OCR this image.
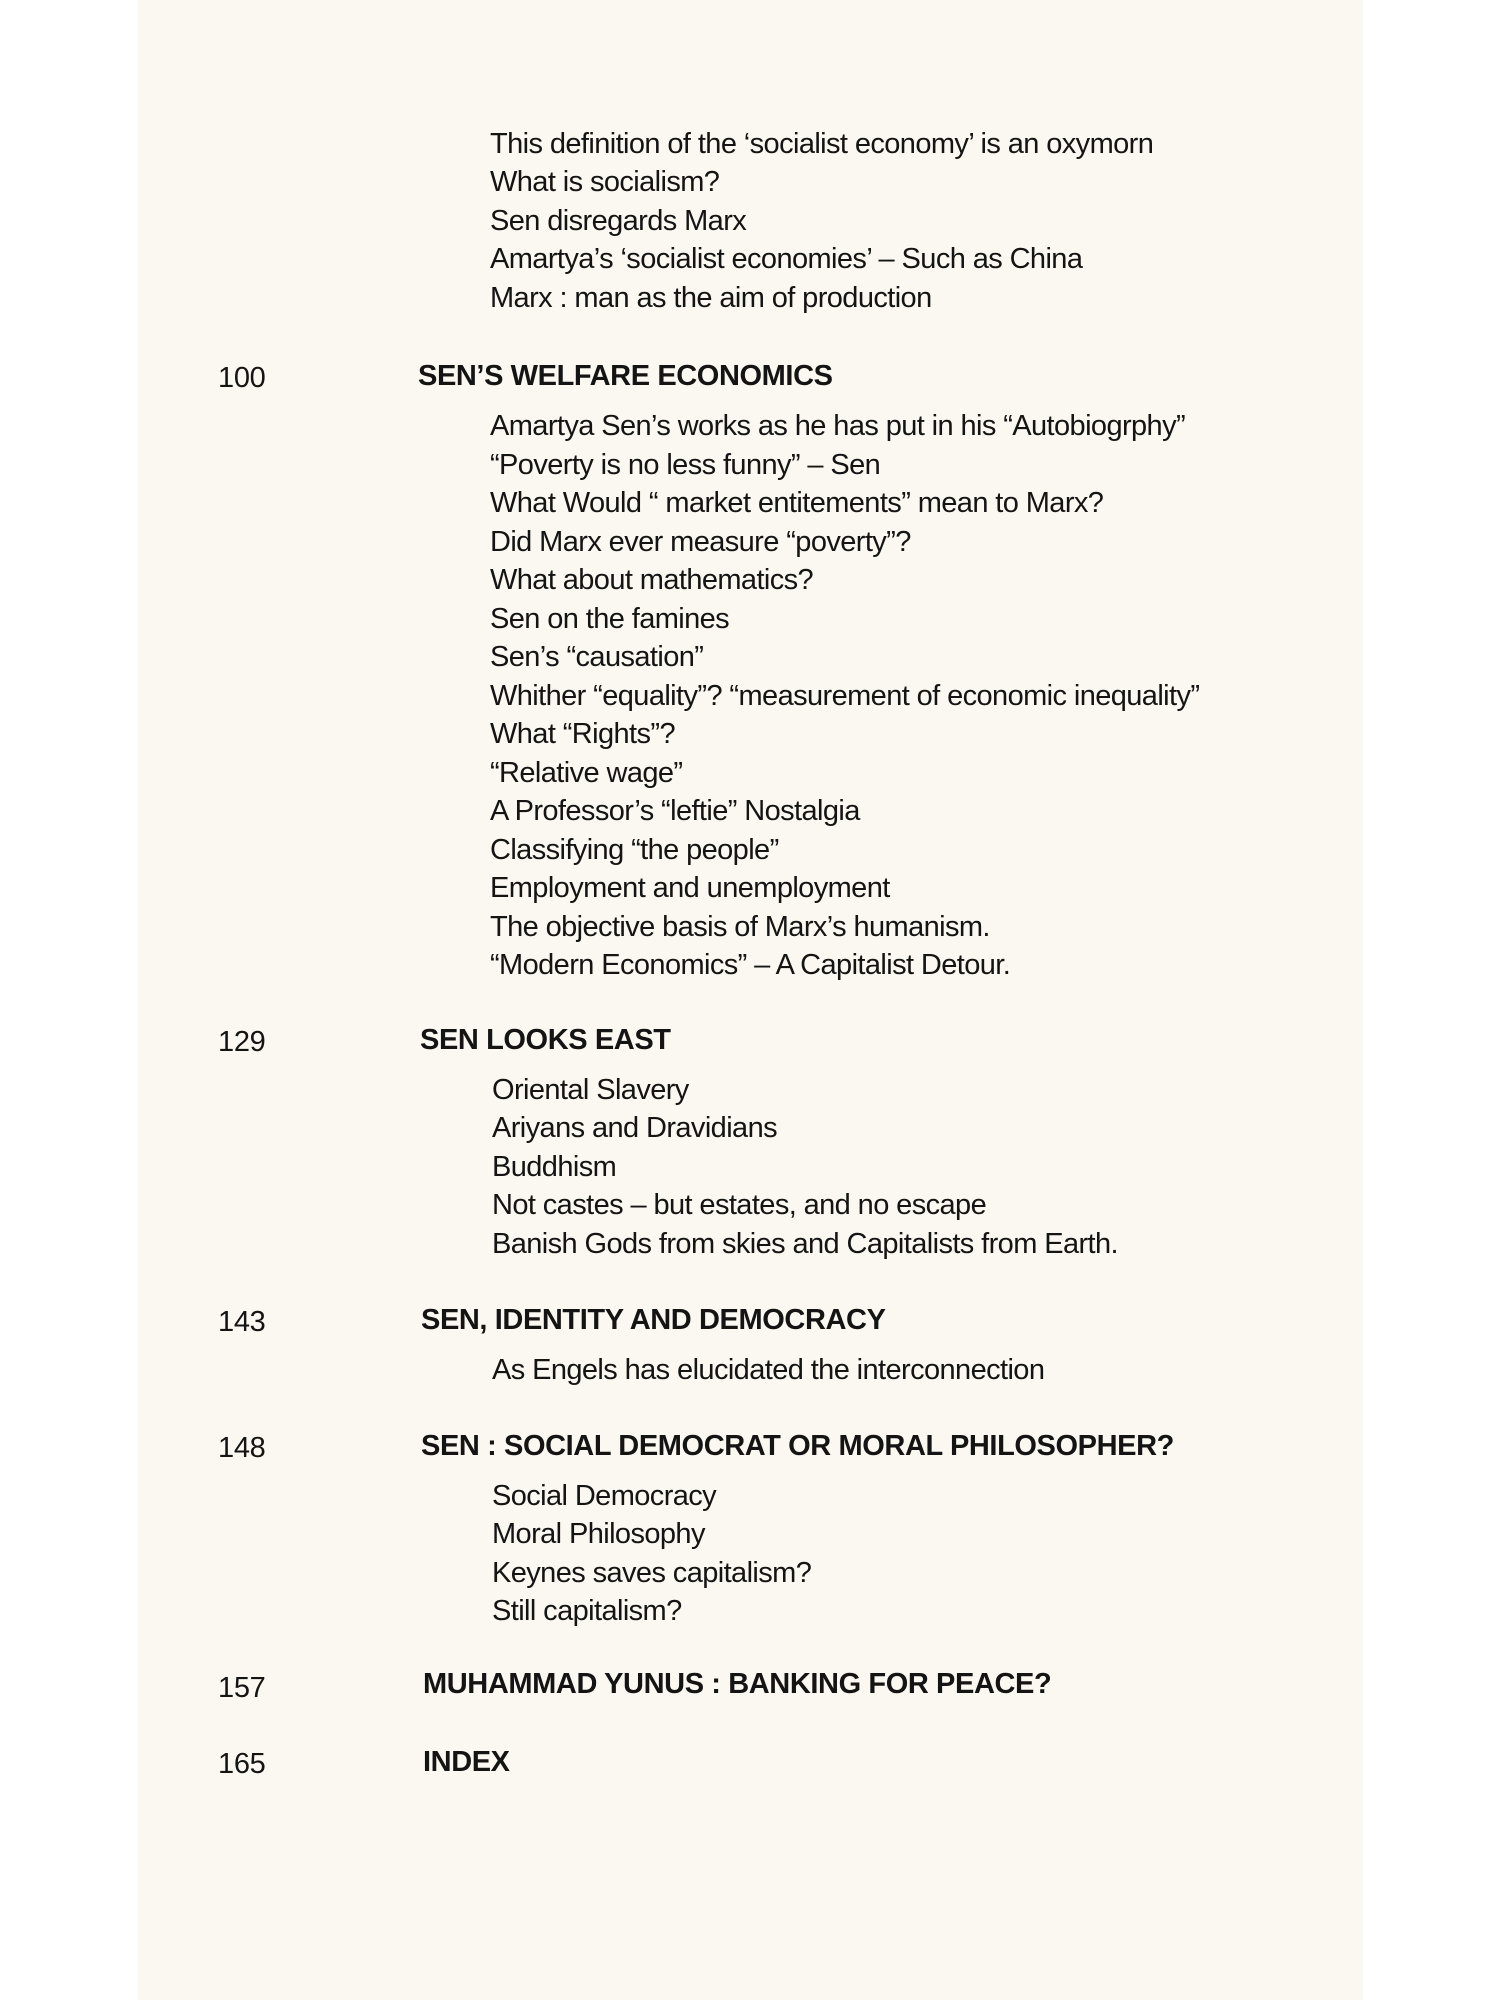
This definition of the ‘socialist economy’ is an oxymorn
What is socialism?
Sen disregards Marx
Amartya’s ‘socialist economies’ – Such as China
Marx : man as the aim of production
100	SEN’S WELFARE ECONOMICS
Amartya Sen’s works as he has put in his “Autobiogrphy”
“Poverty is no less funny” – Sen
What Would “ market entitements” mean to Marx?
Did Marx ever measure “poverty”?
What about mathematics?
Sen on the famines
Sen’s “causation”
Whither “equality”? “measurement of economic inequality”
What “Rights”?
“Relative wage”
A Professor’s “leftie” Nostalgia
Classifying “the people”
Employment and unemployment
The objective basis of Marx’s humanism.
“Modern Economics” – A Capitalist Detour.
129	SEN LOOKS EAST
Oriental Slavery
Ariyans and Dravidians
Buddhism
Not castes – but estates, and no escape
Banish Gods from skies and Capitalists from Earth.
143	SEN, IDENTITY AND DEMOCRACY
As Engels has elucidated the interconnection
148	SEN : SOCIAL DEMOCRAT OR MORAL PHILOSOPHER?
Social Democracy
Moral Philosophy
Keynes saves capitalism?
Still capitalism?
157	MUHAMMAD YUNUS : BANKING FOR PEACE?
165	INDEX
